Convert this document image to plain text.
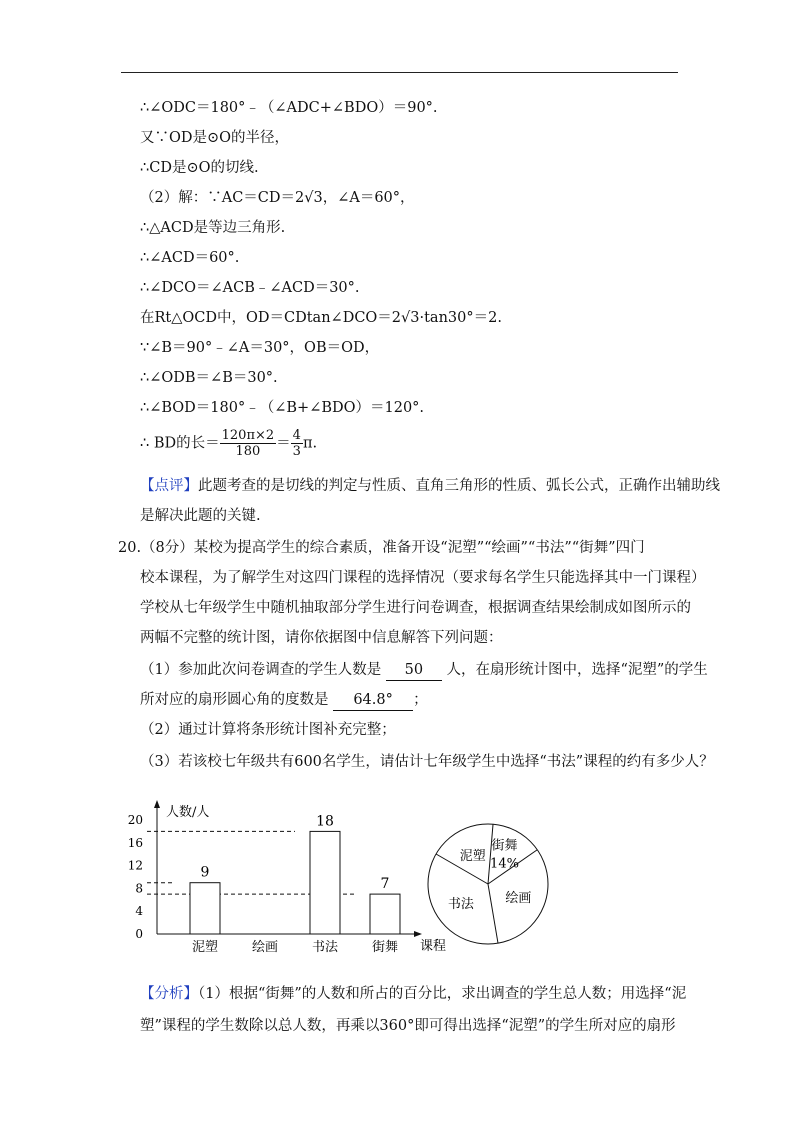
∴∠ODC＝180°﹣（∠ADC+∠BDO）＝90°.
又∵OD是⊙O的半径，
∴CD是⊙O的切线.
（2）解：∵AC＝CD＝2√3，∠A＝60°，
∴△ACD是等边三角形.
∴∠ACD＝60°.
∴∠DCO＝∠ACB﹣∠ACD＝30°.
在Rt△OCD中，OD＝CDtan∠DCO＝2√3·tan30°＝2.
∵∠B＝90°﹣∠A＝30°，OB＝OD，
∴∠ODB＝∠B＝30°.
∴∠BOD＝180°﹣（∠B+∠BDO）＝120°.
∴ BD的长＝ $\frac{120\pi\times 2}{180} = \frac{4}{3} \pi$.
【点评】此题考查的是切线的判定与性质、直角三角形的性质、弧长公式，正确作出辅助线
是解决此题的关键.
20.（8分）某校为提高学生的综合素质，准备开设“泥塑”“绘画”“书法”“街舞”四门
校本课程，为了解学生对这四门课程的选择情况（要求每名学生只能选择其中一门课程）
学校从七年级学生中随机抽取部分学生进行问卷调查，根据调查结果绘制成如图所示的
两幅不完整的统计图，请你依据图中信息解答下列问题：
（1）参加此次问卷调查的学生人数是 50 人，在扇形统计图中，选择“泥塑”的学生
所对应的扇形圆心角的度数是 64.8° ；
（2）通过计算将条形统计图补充完整；
（3）若该校七年级共有600名学生，请估计七年级学生中选择“书法”课程的约有多少人？
人数/人
课程
0
4
8
12
16
20
9
泥塑	绘画
18
书法
7
街舞
泥塑
街舞
14%
绘画
书法
【分析】（1）根据“街舞”的人数和所占的百分比，求出调查的学生总人数；用选择“泥
塑”课程的学生数除以总人数，再乘以360°即可得出选择“泥塑”的学生所对应的扇形
